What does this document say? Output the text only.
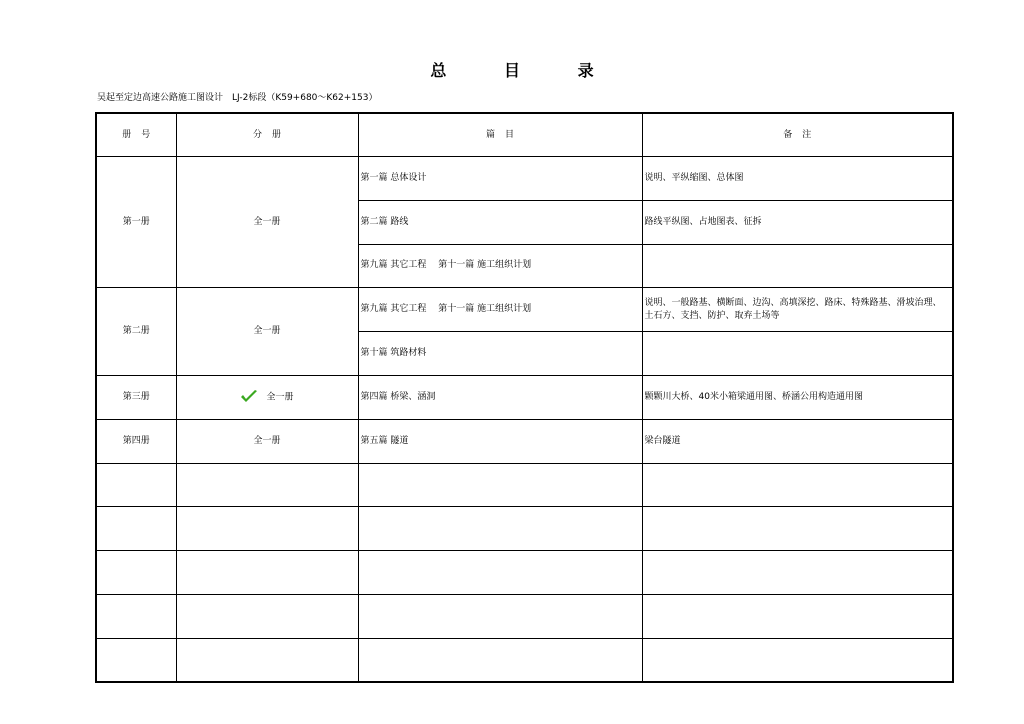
总 目 录
吴起至定边高速公路施工图设计　LJ-2标段（K59+680～K62+153）
册号	分册	篇目	备注
第一册	全一册	第一篇 总体设计	说明、平纵缩图、总体图
		第二篇 路线	路线平纵图、占地图表、征拆
		第九篇 其它工程　 第十一篇 施工组织计划	
第二册	全一册	第九篇 其它工程　 第十一篇 施工组织计划	说明、一般路基、横断面、边沟、高填深挖、路床、特殊路基、滑坡治理、土石方、支挡、防护、取弃土场等
		第十篇 筑路材料	
第三册	全一册	第四篇 桥梁、涵洞	颗颗川大桥、40米小箱梁通用图、桥涵公用构造通用图
第四册	全一册	第五篇 隧道	梁台隧道
